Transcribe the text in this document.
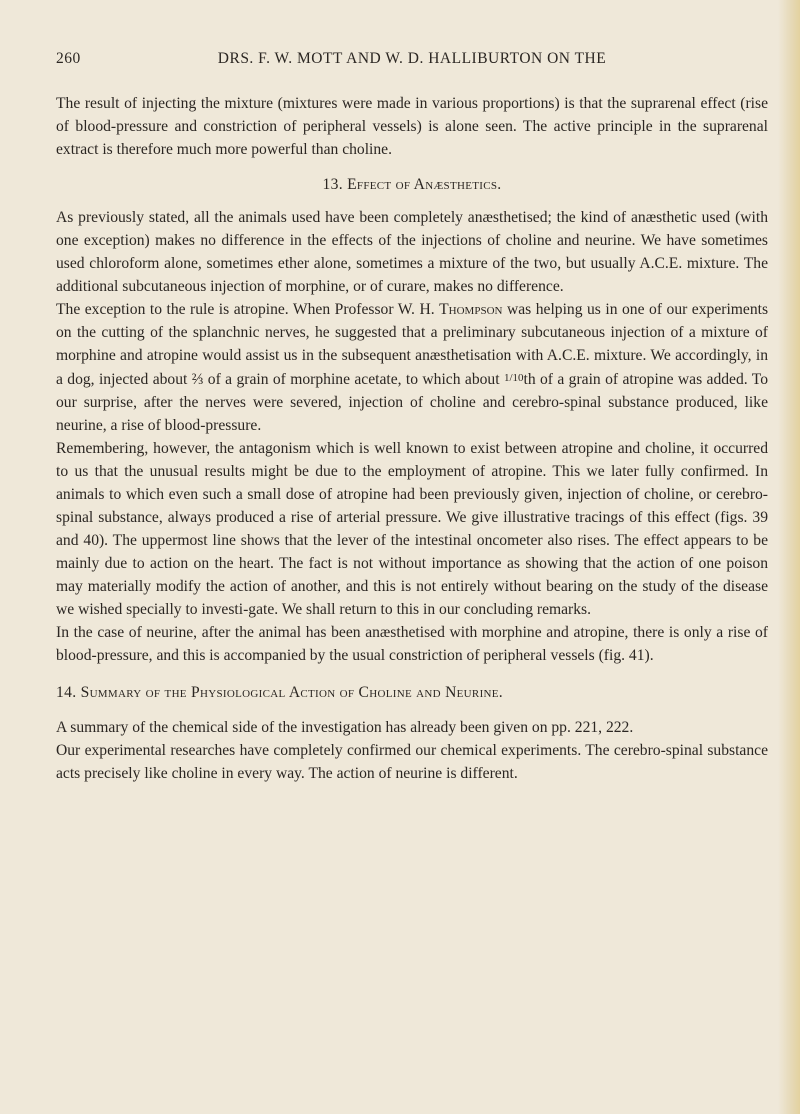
260	DRS. F. W. MOTT AND W. D. HALLIBURTON ON THE

The result of injecting the mixture (mixtures were made in various proportions) is that the suprarenal effect (rise of blood-pressure and constriction of peripheral vessels) is alone seen. The active principle in the suprarenal extract is therefore much more powerful than choline.

13. Effect of Anæsthetics.

As previously stated, all the animals used have been completely anæsthetised; the kind of anæsthetic used (with one exception) makes no difference in the effects of the injections of choline and neurine. We have sometimes used chloroform alone, sometimes ether alone, sometimes a mixture of the two, but usually A.C.E. mixture. The additional subcutaneous injection of morphine, or of curare, makes no difference.

The exception to the rule is atropine. When Professor W. H. Thompson was helping us in one of our experiments on the cutting of the splanchnic nerves, he suggested that a preliminary subcutaneous injection of a mixture of morphine and atropine would assist us in the subsequent anæsthetisation with A.C.E. mixture. We accordingly, in a dog, injected about ⅔ of a grain of morphine acetate, to which about 1/10th of a grain of atropine was added. To our surprise, after the nerves were severed, injection of choline and cerebro-spinal substance produced, like neurine, a rise of blood-pressure.

Remembering, however, the antagonism which is well known to exist between atropine and choline, it occurred to us that the unusual results might be due to the employment of atropine. This we later fully confirmed. In animals to which even such a small dose of atropine had been previously given, injection of choline, or cerebro-spinal substance, always produced a rise of arterial pressure. We give illustrative tracings of this effect (figs. 39 and 40). The uppermost line shows that the lever of the intestinal oncometer also rises. The effect appears to be mainly due to action on the heart. The fact is not without importance as showing that the action of one poison may materially modify the action of another, and this is not entirely without bearing on the study of the disease we wished specially to investi-gate. We shall return to this in our concluding remarks.

In the case of neurine, after the animal has been anæsthetised with morphine and atropine, there is only a rise of blood-pressure, and this is accompanied by the usual constriction of peripheral vessels (fig. 41).

14. Summary of the Physiological Action of Choline and Neurine.

A summary of the chemical side of the investigation has already been given on pp. 221, 222.

Our experimental researches have completely confirmed our chemical experiments. The cerebro-spinal substance acts precisely like choline in every way. The action of neurine is different.
